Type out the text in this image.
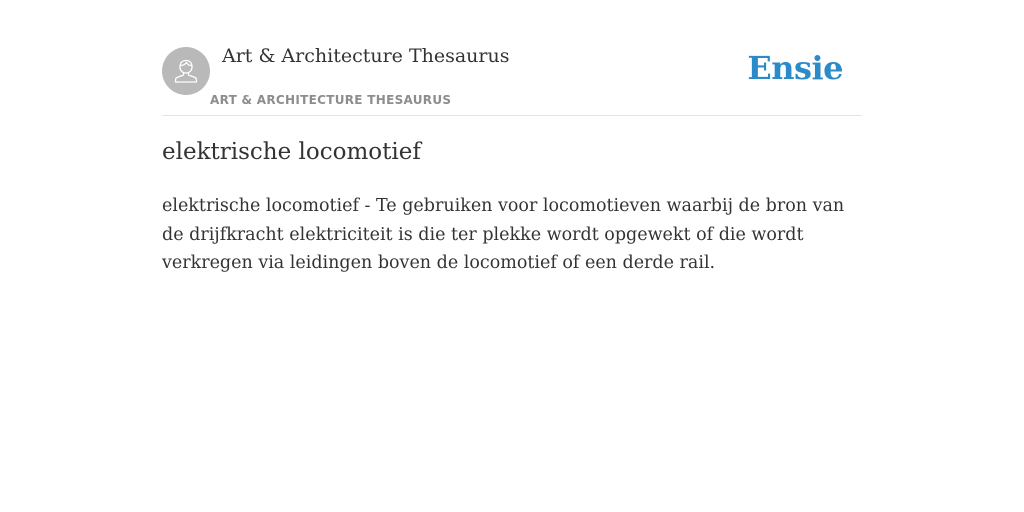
Art & Architecture Thesaurus
ART & ARCHITECTURE THESAURUS
Ensie
elektrische locomotief

elektrische locomotief - Te gebruiken voor locomotieven waarbij de bron van de drijfkracht elektriciteit is die ter plekke wordt opgewekt of die wordt verkregen via leidingen boven de locomotief of een derde rail.
